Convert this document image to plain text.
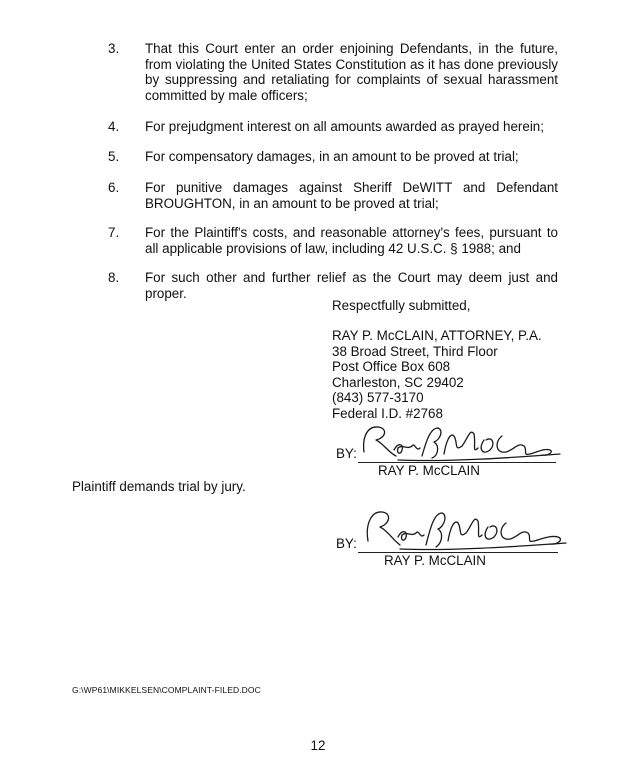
3.	That this Court enter an order enjoining Defendants, in the future, from violating the United States Constitution as it has done previously by suppressing and retaliating for complaints of sexual harassment committed by male officers;
4.	For prejudgment interest on all amounts awarded as prayed herein;
5.	For compensatory damages, in an amount to be proved at trial;
6.	For punitive damages against Sheriff DeWITT and Defendant BROUGHTON, in an amount to be proved at trial;
7.	For the Plaintiff's costs, and reasonable attorney's fees, pursuant to all applicable provisions of law, including 42 U.S.C. § 1988; and
8.	For such other and further relief as the Court may deem just and proper.
Respectfully submitted,
RAY P. McCLAIN, ATTORNEY, P.A.
38 Broad Street, Third Floor
Post Office Box 608
Charleston, SC 29402
(843) 577-3170
Federal I.D. #2768
BY:
RAY P. McCLAIN
Plaintiff demands trial by jury.
BY:
RAY P. McCLAIN
G:\WP61\MIKKELSEN\COMPLAINT-FILED.DOC
12
